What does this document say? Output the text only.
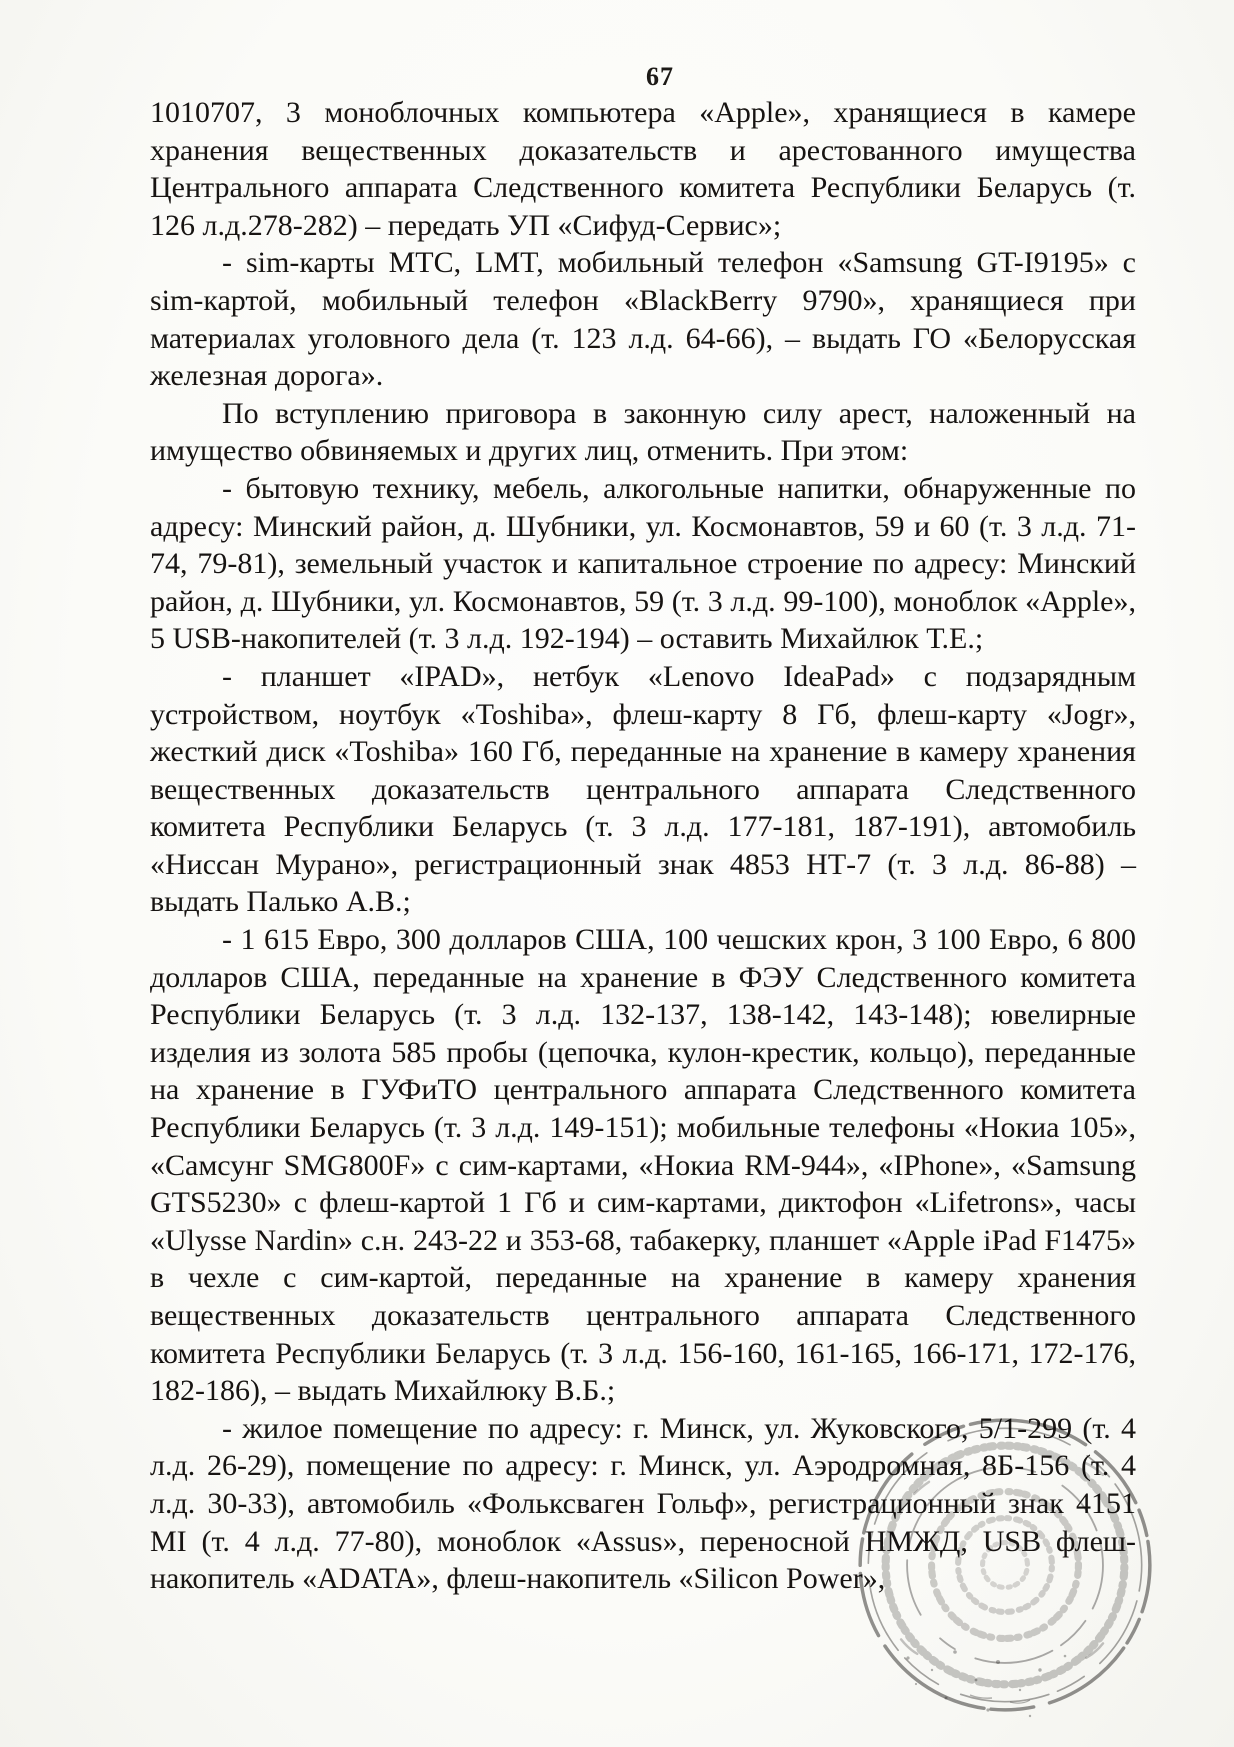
67

1010707, 3 моноблочных компьютера «Apple», хранящиеся в камере хранения вещественных доказательств и арестованного имущества Центрального аппарата Следственного комитета Республики Беларусь (т. 126 л.д.278-282) – передать УП «Сифуд-Сервис»;

- sim-карты МТС, LMT, мобильный телефон «Samsung GT-I9195» с sim-картой, мобильный телефон «BlackBerry 9790», хранящиеся при материалах уголовного дела (т. 123 л.д. 64-66), – выдать ГО «Белорусская железная дорога».

По вступлению приговора в законную силу арест, наложенный на имущество обвиняемых и других лиц, отменить. При этом:

- бытовую технику, мебель, алкогольные напитки, обнаруженные по адресу: Минский район, д. Шубники, ул. Космонавтов, 59 и 60 (т. 3 л.д. 71-74, 79-81), земельный участок и капитальное строение по адресу: Минский район, д. Шубники, ул. Космонавтов, 59 (т. 3 л.д. 99-100), моноблок «Apple», 5 USB-накопителей (т. 3 л.д. 192-194) – оставить Михайлюк Т.Е.;

- планшет «IPAD», нетбук «Lenovo IdeaPad» с подзарядным устройством, ноутбук «Toshiba», флеш-карту 8 Гб, флеш-карту «Jogr», жесткий диск «Toshiba» 160 Гб, переданные на хранение в камеру хранения вещественных доказательств центрального аппарата Следственного комитета Республики Беларусь (т. 3 л.д. 177-181, 187-191), автомобиль «Ниссан Мурано», регистрационный знак 4853 НТ-7 (т. 3 л.д. 86-88) – выдать Палько А.В.;

- 1 615 Евро, 300 долларов США, 100 чешских крон, 3 100 Евро, 6 800 долларов США, переданные на хранение в ФЭУ Следственного комитета Республики Беларусь (т. 3 л.д. 132-137, 138-142, 143-148); ювелирные изделия из золота 585 пробы (цепочка, кулон-крестик, кольцо), переданные на хранение в ГУФиТО центрального аппарата Следственного комитета Республики Беларусь (т. 3 л.д. 149-151); мобильные телефоны «Нокиа 105», «Самсунг SMG800F» с сим-картами, «Нокиа RM-944», «IPhone», «Samsung GTS5230» с флеш-картой 1 Гб и сим-картами, диктофон «Lifetrons», часы «Ulysse Nardin» с.н. 243-22 и 353-68, табакерку, планшет «Apple iPad F1475» в чехле с сим-картой, переданные на хранение в камеру хранения вещественных доказательств центрального аппарата Следственного комитета Республики Беларусь (т. 3 л.д. 156-160, 161-165, 166-171, 172-176, 182-186), – выдать Михайлюку В.Б.;

- жилое помещение по адресу: г. Минск, ул. Жуковского, 5/1-299 (т. 4 л.д. 26-29), помещение по адресу: г. Минск, ул. Аэродромная, 8Б-156 (т. 4 л.д. 30-33), автомобиль «Фольксваген Гольф», регистрационный знак 4151 МІ (т. 4 л.д. 77-80), моноблок «Assus», переносной НМЖД, USB флеш-накопитель «ADATA», флеш-накопитель «Silicon Power»,
